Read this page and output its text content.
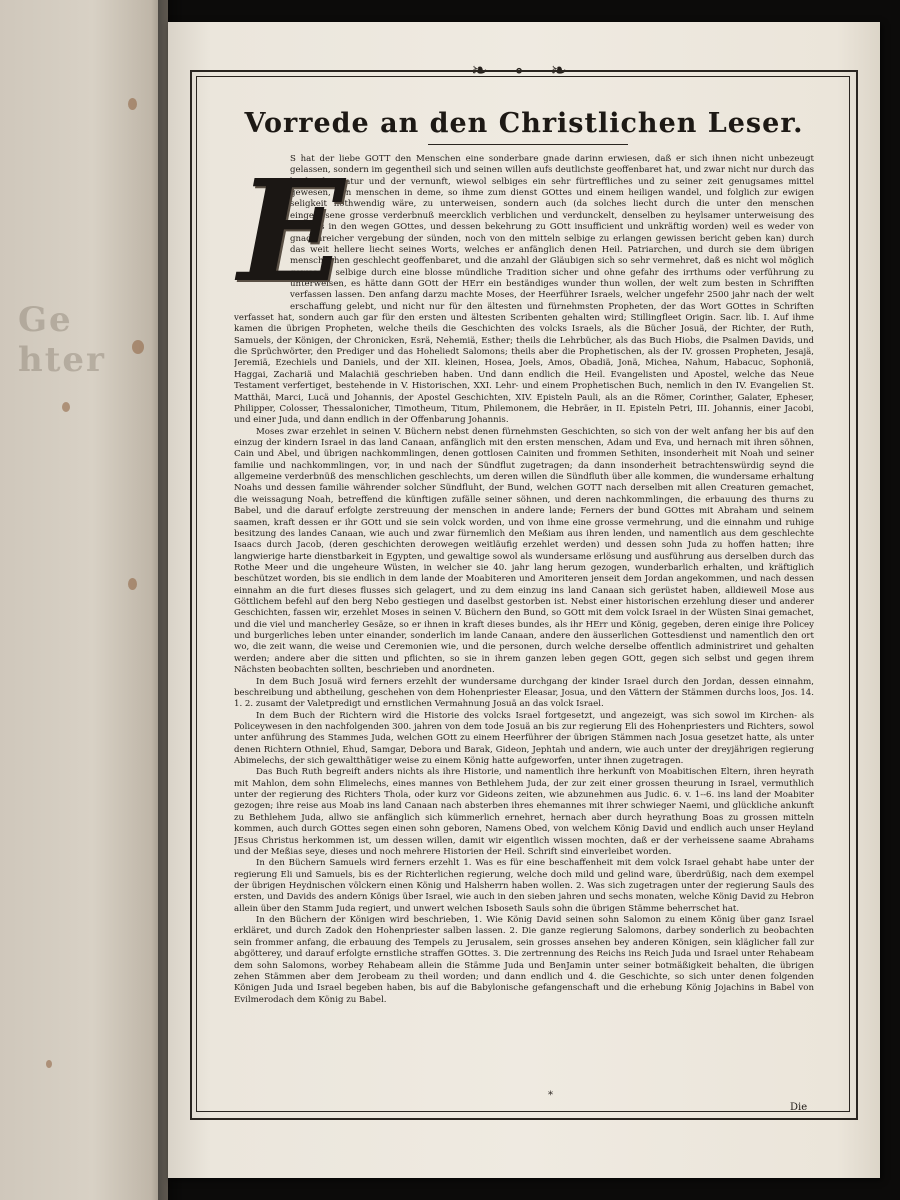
Ge hter
❧ ∘ ❧
Vorrede an den Christlichen Leser.

S hat der liebe GOTT den Menschen eine sonderbare gnade darinn erwiesen, daß er sich ihnen nicht unbezeugt gelassen, sondern im gegentheil sich und seinen willen aufs deutlichste geoffenbaret hat, und zwar nicht nur durch das liecht der natur und der vernunft, wiewol selbiges ein sehr fürtreffliches und zu seiner zeit genugsames mittel gewesen, den menschen in deme, so ihme zum dienst GOttes und einem heiligen wandel, und folglich zur ewigen seligkeit nothwendig wäre, zu unterweisen, sondern auch (da solches liecht durch die unter den menschen eingerissene grosse verderbnuß meercklich verblichen und verdunckelt, denselben zu heylsamer unterweisung des sünders in den wegen GOttes, und dessen bekehrung zu GOtt insufficient und unkräftig worden) weil es weder von gnadenreicher vergebung der sünden, noch von den mitteln selbige zu erlangen gewissen bericht geben kan) durch das weit hellere liecht seines Worts, welches er anfänglich denen Heil. Patriarchen, und durch sie dem übrigen menschlichen geschlecht geoffenbaret, und die anzahl der Gläubigen sich so sehr vermehret, daß es nicht wol möglich gewesen, selbige durch eine blosse mündliche Tradition sicher und ohne gefahr des irrthums oder verführung zu unterweisen, es hätte dann GOtt der HErr ein beständiges wunder thun wollen, der welt zum besten in Schrifften verfassen lassen. Den anfang darzu machte Moses, der Heerführer Israels, welcher ungefehr 2500 jahr nach der welt erschaffung gelebt, und nicht nur für den ältesten und fürnehmsten Propheten, der das Wort GOttes in Schriften verfasset hat, sondern auch gar für den ersten und ältesten Scribenten gehalten wird; Stillingfleet Origin. Sacr. lib. I. Auf ihme kamen die übrigen Propheten, welche theils die Geschichten des volcks Israels, als die Bücher Josuä, der Richter, der Ruth, Samuels, der Königen, der Chronicken, Esrä, Nehemiä, Esther; theils die Lehrbücher, als das Buch Hiobs, die Psalmen Davids, und die Sprüchwörter, den Prediger und das Hoheliedt Salomons; theils aber die Prophetischen, als der IV. grossen Propheten, Jesajä, Jeremiä, Ezechiels und Daniels, und der XII. kleinen, Hosea, Joels, Amos, Obadiä, Jonä, Michea, Nahum, Habacuc, Sophoniä, Haggai, Zachariä und Malachiä geschrieben haben. Und dann endlich die Heil. Evangelisten und Apostel, welche das Neue Testament verfertiget, bestehende in V. Historischen, XXI. Lehr- und einem Prophetischen Buch, nemlich in den IV. Evangelien St. Matthäi, Marci, Lucä und Johannis, der Apostel Geschichten, XIV. Episteln Pauli, als an die Römer, Corinther, Galater, Epheser, Philipper, Colosser, Thessalonicher, Timotheum, Titum, Philemonem, die Hebräer, in II. Episteln Petri, III. Johannis, einer Jacobi, und einer Juda, und dann endlich in der Offenbarung Johannis.

Moses zwar erzehlet in seinen V. Büchern nebst denen fürnehmsten Geschichten, so sich von der welt anfang her bis auf den einzug der kindern Israel in das land Canaan, anfänglich mit den ersten menschen, Adam und Eva, und hernach mit ihren söhnen, Cain und Abel, und übrigen nachkommlingen, denen gottlosen Cainiten und frommen Sethiten, insonderheit mit Noah und seiner familie und nachkommlingen, vor, in und nach der Sündflut zugetragen; da dann insonderheit betrachtenswürdig seynd die allgemeine verderbnüß des menschlichen geschlechts, um deren willen die Sündfluth über alle kommen, die wundersame erhaltung Noahs und dessen familie währender solcher Sündfluht, der Bund, welchen GOTT nach derselben mit allen Creaturen gemachet, die weissagung Noah, betreffend die künftigen zufälle seiner söhnen, und deren nachkommlingen, die erbauung des thurns zu Babel, und die darauf erfolgte zerstreuung der menschen in andere lande; Ferners der bund GOttes mit Abraham und seinem saamen, kraft dessen er ihr GOtt und sie sein volck worden, und von ihme eine grosse vermehrung, und die einnahm und ruhige besitzung des landes Canaan, wie auch und zwar fürnemlich den Meßiam aus ihren lenden, und namentlich aus dem geschlechte Isaacs durch Jacob, (deren geschichten derowegen weitläufig erzehlet werden) und dessen sohn Juda zu hoffen hatten; ihre langwierige harte dienstbarkeit in Egypten, und gewaltige sowol als wundersame erlösung und ausführung aus derselben durch das Rothe Meer und die ungeheure Wüsten, in welcher sie 40. jahr lang herum gezogen, wunderbarlich erhalten, und kräftiglich beschützet worden, bis sie endlich in dem lande der Moabiteren und Amoriteren jenseit dem Jordan angekommen, und nach dessen einnahm an die furt dieses flusses sich gelagert, und zu dem einzug ins land Canaan sich gerüstet haben, alldieweil Mose aus Göttlichem befehl auf den berg Nebo gestiegen und daselbst gestorben ist. Nebst einer historischen erzehlung dieser und anderer Geschichten, fassen wir, erzehlet Moses in seinen V. Büchern den Bund, so GOtt mit dem volck Israel in der Wüsten Sinai gemachet, und die viel und mancherley Gesäze, so er ihnen in kraft dieses bundes, als ihr HErr und König, gegeben, deren einige ihre Policey und burgerliches leben unter einander, sonderlich im lande Canaan, andere den äusserlichen Gottesdienst und namentlich den ort wo, die zeit wann, die weise und Ceremonien wie, und die personen, durch welche derselbe offentlich administriret und gehalten werden; andere aber die sitten und pflichten, so sie in ihrem ganzen leben gegen GOtt, gegen sich selbst und gegen ihrem Nächsten beobachten sollten, beschrieben und anordneten.

In dem Buch Josuä wird ferners erzehlt der wundersame durchgang der kinder Israel durch den Jordan, dessen einnahm, beschreibung und abtheilung, geschehen von dem Hohenpriester Eleasar, Josua, und den Vättern der Stämmen durchs loos, Jos. 14. 1. 2. zusamt der Valetpredigt und ernstlichen Vermahnung Josuä an das volck Israel.

In dem Buch der Richtern wird die Historie des volcks Israel fortgesetzt, und angezeigt, was sich sowol im Kirchen- als Policeywesen in den nachfolgenden 300. jahren von dem tode Josuä an bis zur regierung Eli des Hohenpriesters und Richters, sowol unter anführung des Stammes Juda, welchen GOtt zu einem Heerführer der übrigen Stämmen nach Josua gesetzet hatte, als unter denen Richtern Othniel, Ehud, Samgar, Debora und Barak, Gideon, Jephtah und andern, wie auch unter der dreyjährigen regierung Abimelechs, der sich gewaltthätiger weise zu einem König hatte aufgeworfen, unter ihnen zugetragen.

Das Buch Ruth begreift anders nichts als ihre Historie, und namentlich ihre herkunft von Moabitischen Eltern, ihren heyrath mit Mahlon, dem sohn Elimelechs, eines mannes von Bethlehem Juda, der zur zeit einer grossen theurung in Israel, vermuthlich unter der regierung des Richters Thola, oder kurz vor Gideons zeiten, wie abzunehmen aus Judic. 6. v. 1--6. ins land der Moabiter gezogen; ihre reise aus Moab ins land Canaan nach absterben ihres ehemannes mit ihrer schwieger Naemi, und glückliche ankunft zu Bethlehem Juda, allwo sie anfänglich sich kümmerlich ernehret, hernach aber durch heyrathung Boas zu grossen mitteln kommen, auch durch GOttes segen einen sohn geboren, Namens Obed, von welchem König David und endlich auch unser Heyland JEsus Christus herkommen ist, um dessen willen, damit wir eigentlich wissen mochten, daß er der verheissene saame Abrahams und der Meßias seye, dieses und noch mehrere Historien der Heil. Schrift sind einverleibet worden.

In den Büchern Samuels wird ferners erzehlt 1. Was es für eine beschaffenheit mit dem volck Israel gehabt habe unter der regierung Eli und Samuels, bis es der Richterlichen regierung, welche doch mild und gelind ware, überdrüßig, nach dem exempel der übrigen Heydnischen völckern einen König und Halsherrn haben wollen. 2. Was sich zugetragen unter der regierung Sauls des ersten, und Davids des andern Königs über Israel, wie auch in den sieben jahren und sechs monaten, welche König David zu Hebron allein über den Stamm Juda regiert, und unwert welchen Isboseth Sauls sohn die übrigen Stämme beherrschet hat.

In den Büchern der Königen wird beschrieben, 1. Wie König David seinen sohn Salomon zu einem König über ganz Israel erkläret, und durch Zadok den Hohenpriester salben lassen. 2. Die ganze regierung Salomons, darbey sonderlich zu beobachten sein frommer anfang, die erbauung des Tempels zu Jerusalem, sein grosses ansehen bey anderen Königen, sein kläglicher fall zur abgötterey, und darauf erfolgte ernstliche straffen GOttes. 3. Die zertrennung des Reichs ins Reich Juda und Israel unter Rehabeam dem sohn Salomons, worbey Rehabeam allein die Stämme Juda und BenJamin unter seiner botmäßigkeit behalten, die übrigen zehen Stämmen aber dem Jerobeam zu theil worden; und dann endlich und 4. die Geschichte, so sich unter denen folgenden Königen Juda und Israel begeben haben, bis auf die Babylonische gefangenschaft und die erhebung König Jojachins in Babel von Evilmerodach dem König zu Babel.

E
*
Die
